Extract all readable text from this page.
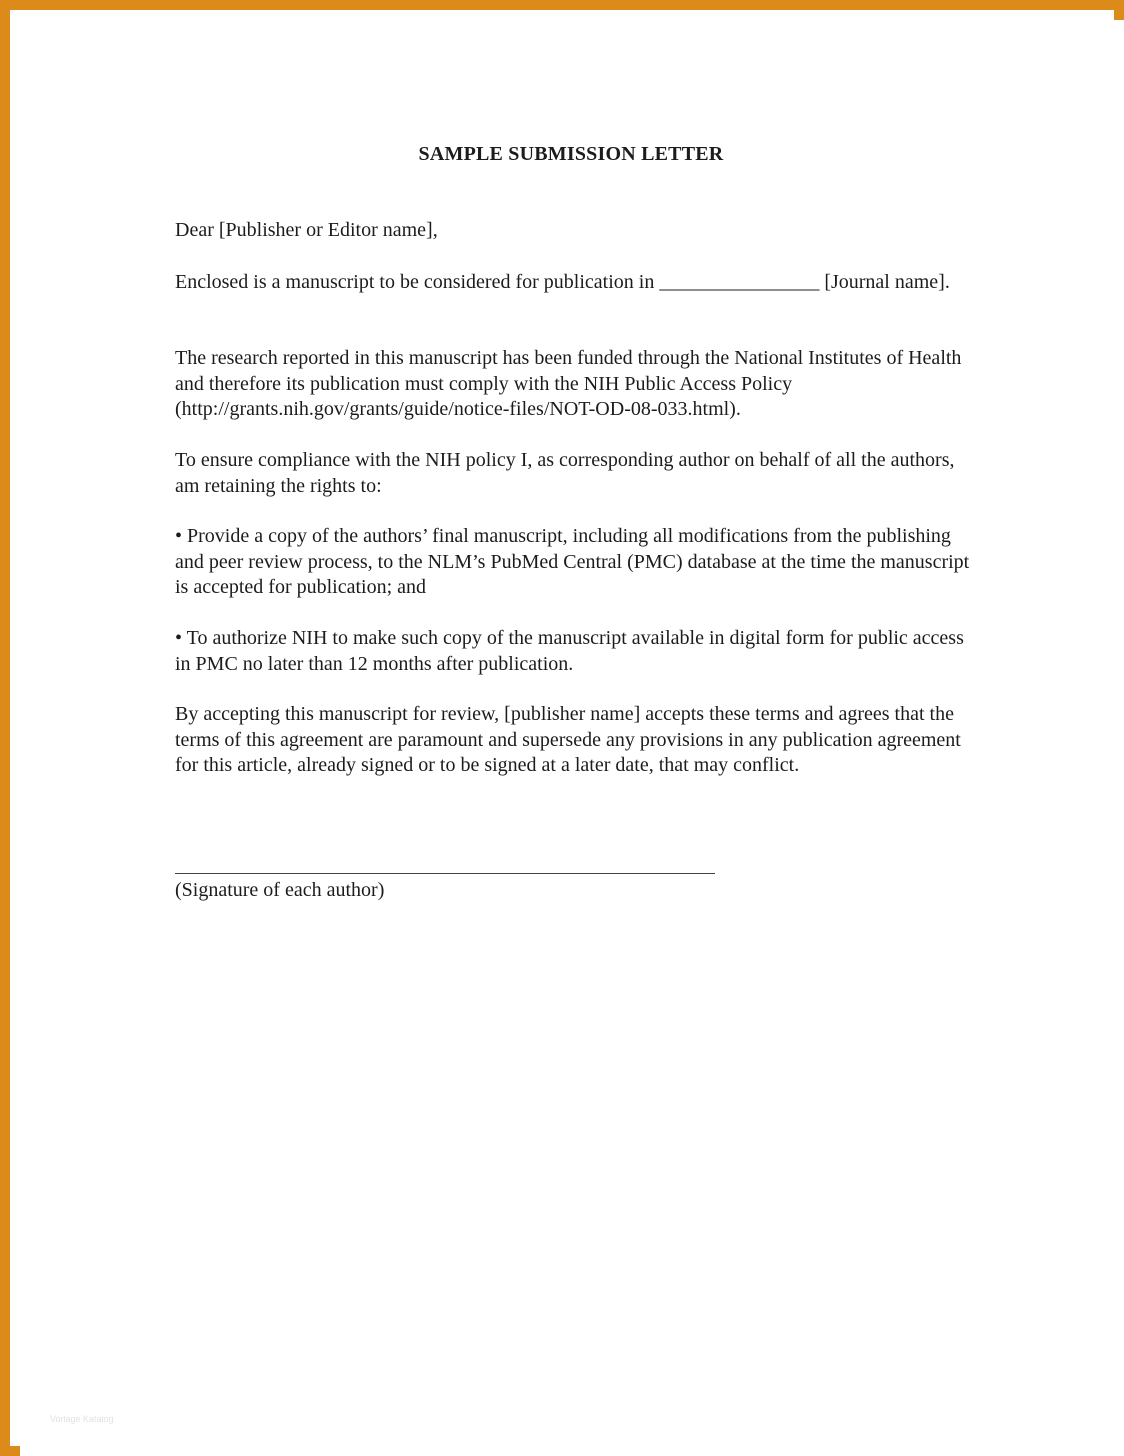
SAMPLE SUBMISSION LETTER

Dear [Publisher or Editor name],

Enclosed is a manuscript to be considered for publication in ________________ [Journal name].

The research reported in this manuscript has been funded through the National Institutes of Health and therefore its publication must comply with the NIH Public Access Policy (http://grants.nih.gov/grants/guide/notice-files/NOT-OD-08-033.html).

To ensure compliance with the NIH policy I, as corresponding author on behalf of all the authors, am retaining the rights to:

• Provide a copy of the authors’ final manuscript, including all modifications from the publishing and peer review process, to the NLM’s PubMed Central (PMC) database at the time the manuscript is accepted for publication; and

• To authorize NIH to make such copy of the manuscript available in digital form for public access in PMC no later than 12 months after publication.

By accepting this manuscript for review, [publisher name] accepts these terms and agrees that the terms of this agreement are paramount and supersede any provisions in any publication agreement for this article, already signed or to be signed at a later date, that may conflict.

(Signature of each author)

Vorlage Katalog
